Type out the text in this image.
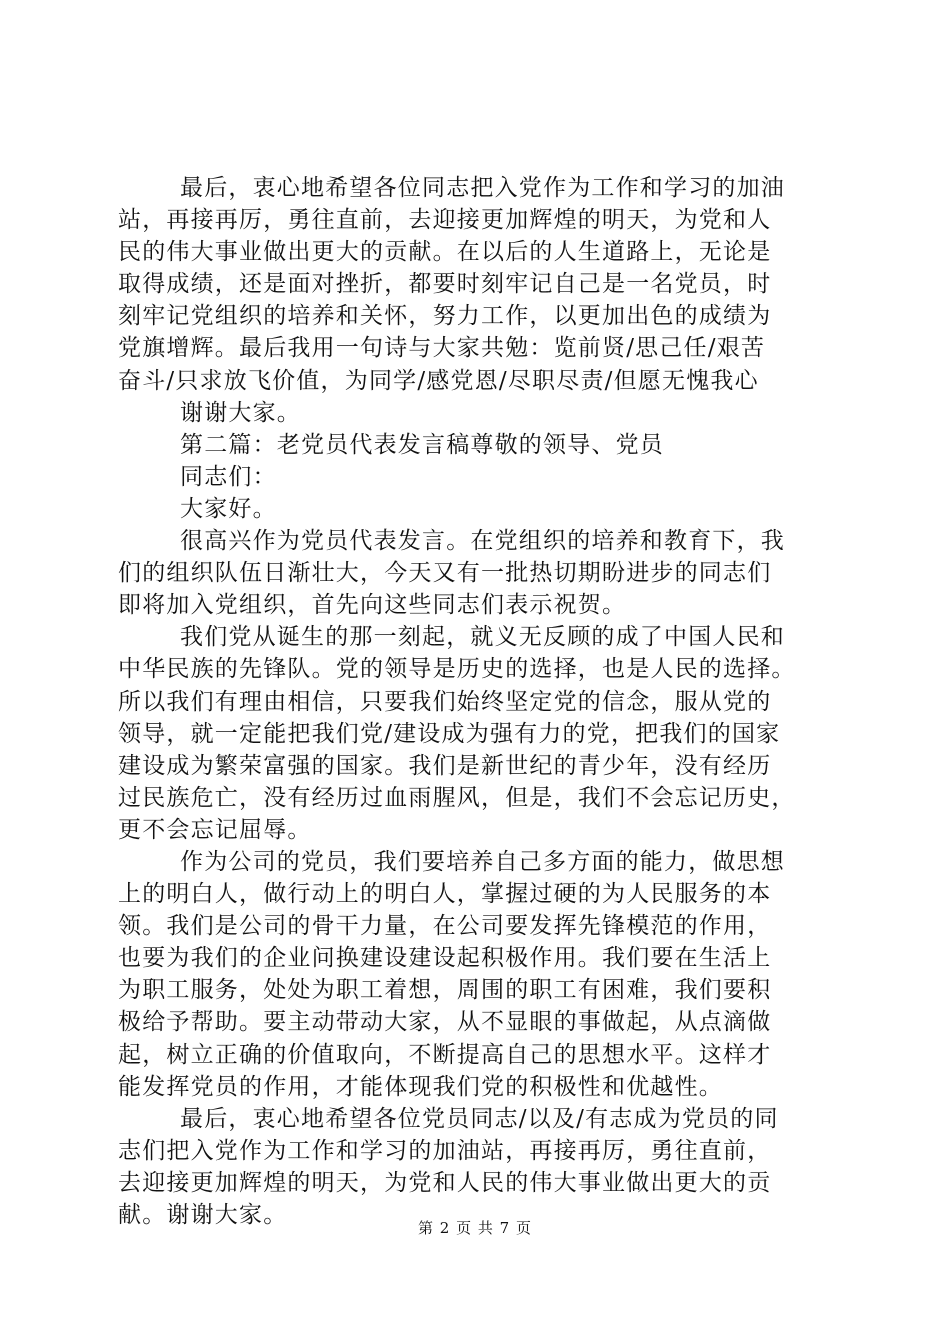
最后，衷心地希望各位同志把入党作为工作和学习的加油
站，再接再厉，勇往直前，去迎接更加辉煌的明天，为党和人
民的伟大事业做出更大的贡献。在以后的人生道路上，无论是
取得成绩，还是面对挫折，都要时刻牢记自己是一名党员，时
刻牢记党组织的培养和关怀，努力工作，以更加出色的成绩为
党旗增辉。最后我用一句诗与大家共勉：览前贤/思己任/艰苦
奋斗/只求放飞价值，为同学/感党恩/尽职尽责/但愿无愧我心
谢谢大家。
第二篇：老党员代表发言稿尊敬的领导、党员
同志们：
大家好。
很高兴作为党员代表发言。在党组织的培养和教育下，我
们的组织队伍日渐壮大，今天又有一批热切期盼进步的同志们
即将加入党组织，首先向这些同志们表示祝贺。
我们党从诞生的那一刻起，就义无反顾的成了中国人民和
中华民族的先锋队。党的领导是历史的选择，也是人民的选择。
所以我们有理由相信，只要我们始终坚定党的信念，服从党的
领导，就一定能把我们党/建设成为强有力的党，把我们的国家
建设成为繁荣富强的国家。我们是新世纪的青少年，没有经历
过民族危亡，没有经历过血雨腥风，但是，我们不会忘记历史，
更不会忘记屈辱。
作为公司的党员，我们要培养自己多方面的能力，做思想
上的明白人，做行动上的明白人，掌握过硬的为人民服务的本
领。我们是公司的骨干力量，在公司要发挥先锋模范的作用，
也要为我们的企业问换建设建设起积极作用。我们要在生活上
为职工服务，处处为职工着想，周围的职工有困难，我们要积
极给予帮助。要主动带动大家，从不显眼的事做起，从点滴做
起，树立正确的价值取向，不断提高自己的思想水平。这样才
能发挥党员的作用，才能体现我们党的积极性和优越性。
最后，衷心地希望各位党员同志/以及/有志成为党员的同
志们把入党作为工作和学习的加油站，再接再厉，勇往直前，
去迎接更加辉煌的明天，为党和人民的伟大事业做出更大的贡
献。谢谢大家。	第 2 页 共 7 页
